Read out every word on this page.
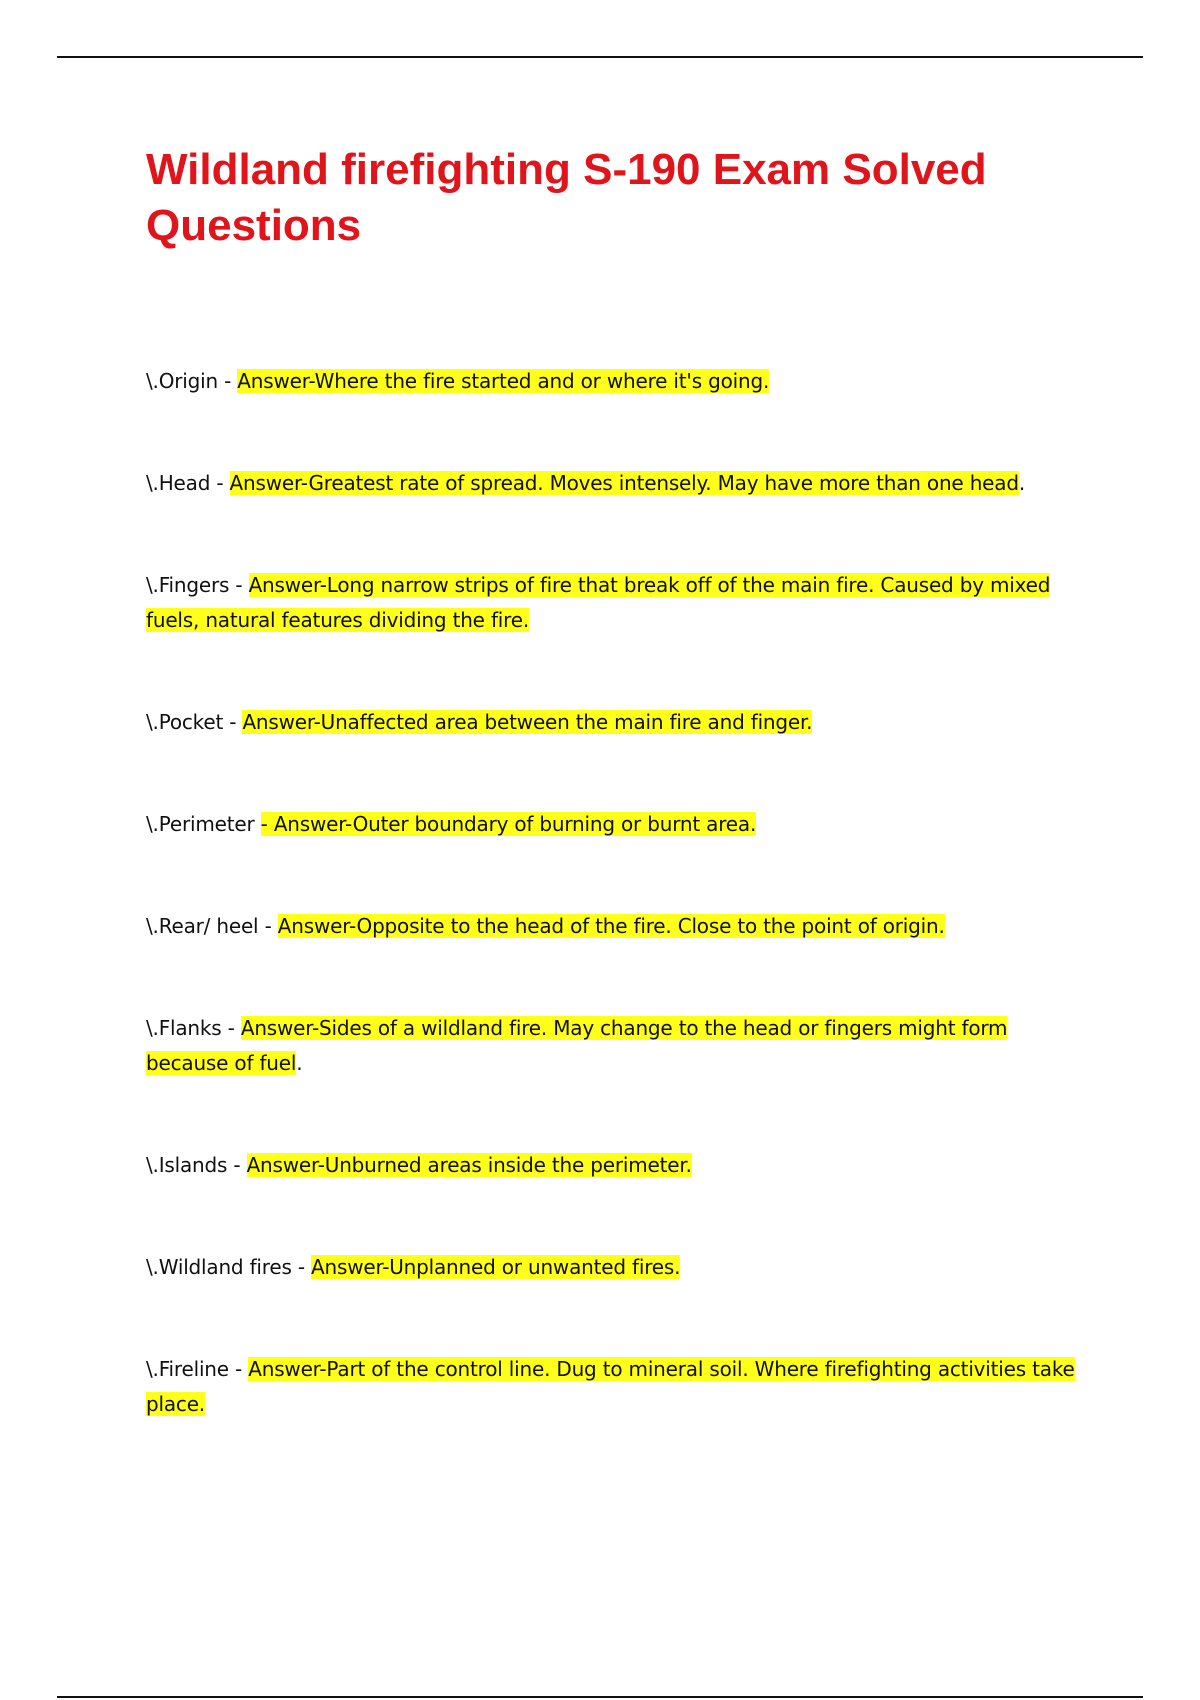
Wildland firefighting S-190 Exam Solved Questions
\.Origin - Answer-Where the fire started and or where it's going.
\.Head - Answer-Greatest rate of spread. Moves intensely. May have more than one head.
\.Fingers - Answer-Long narrow strips of fire that break off of the main fire. Caused by mixed fuels, natural features dividing the fire.
\.Pocket - Answer-Unaffected area between the main fire and finger.
\.Perimeter - Answer-Outer boundary of burning or burnt area.
\.Rear/ heel - Answer-Opposite to the head of the fire. Close to the point of origin.
\.Flanks - Answer-Sides of a wildland fire. May change to the head or fingers might form because of fuel.
\.Islands - Answer-Unburned areas inside the perimeter.
\.Wildland fires - Answer-Unplanned or unwanted fires.
\.Fireline - Answer-Part of the control line. Dug to mineral soil. Where firefighting activities take place.
